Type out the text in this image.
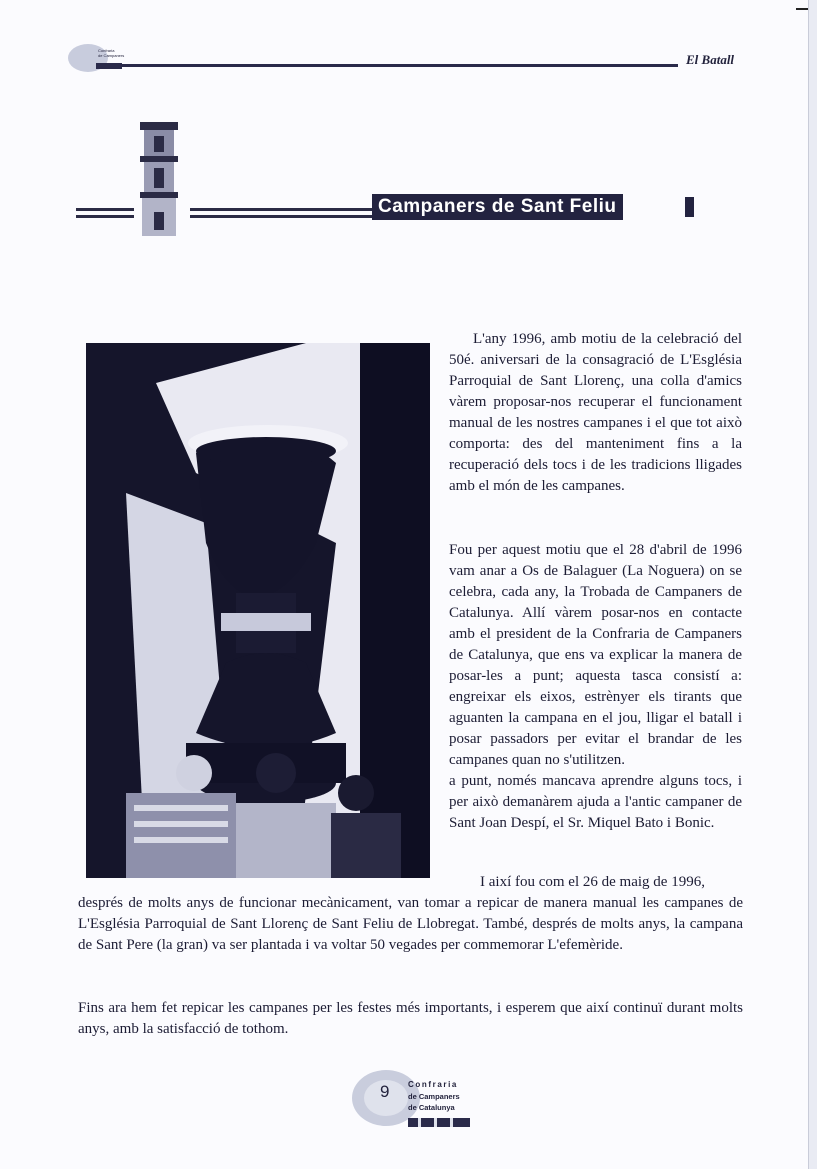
Confraria
de Campaners	El Batall
Campaners de Sant Feliu

L'any 1996, amb motiu de la celebració del 50é. aniversari de la consagració de L'Església Parroquial de Sant Llorenç, una colla d'amics vàrem proposar-nos recuperar el funcionament manual de les nostres campanes i el que tot això comporta: des del manteniment fins a la recuperació dels tocs i de les tradicions lligades amb el món de les campanes.

Fou per aquest motiu que el 28 d'abril de 1996 vam anar a Os de Balaguer (La Noguera) on se celebra, cada any, la Trobada de Campaners de Catalunya. Allí vàrem posar-nos en contacte amb el president de la Confraria de Campaners de Catalunya, que ens va explicar la manera de posar-les a punt; aquesta tasca consistí a: engreixar els eixos, estrènyer els tirants que aguanten la campana en el jou, lligar el batall i posar passadors per evitar el brandar de les campanes quan no s'utilitzen.

a punt, només mancava aprendre alguns tocs, i per això demanàrem ajuda a l'antic campaner de Sant Joan Despí, el Sr. Miquel Bato i Bonic.

I així fou com el 26 de maig de 1996,
després de molts anys de funcionar mecànicament, van tomar a repicar de manera manual les campanes de L'Església Parroquial de Sant Llorenç de Sant Feliu de Llobregat. També, després de molts anys, la campana de Sant Pere (la gran) va ser plantada i va voltar 50 vegades per commemorar L'efemèride.
Fins ara hem fet repicar les campanes per les festes més importants, i esperem que així continuï durant molts anys, amb la satisfacció de tothom.
9 Confraria
de Campaners
de Catalunya
